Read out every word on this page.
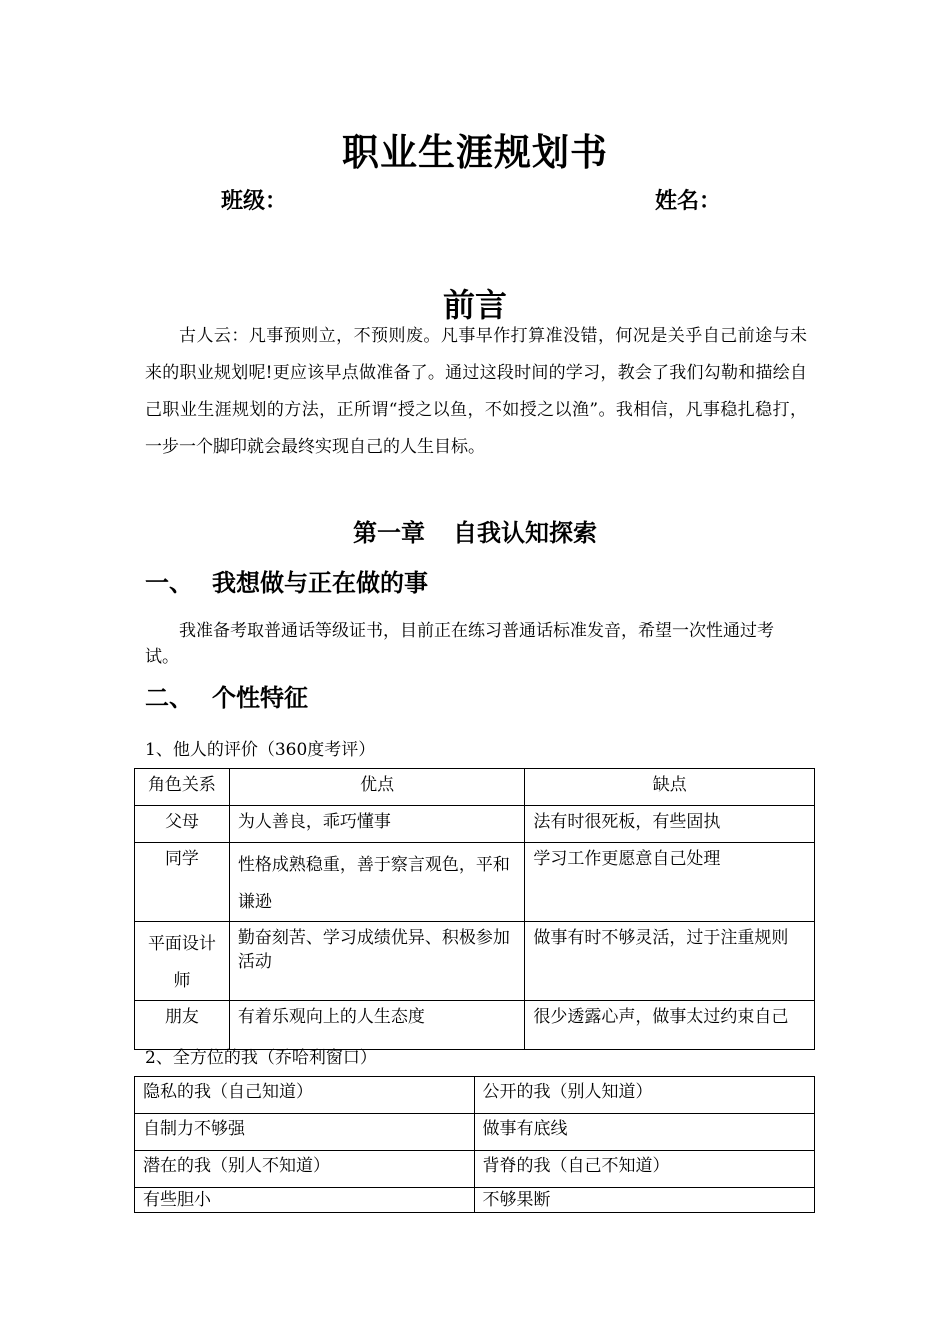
职业生涯规划书
班级：	姓名：
前言

古人云：凡事预则立，不预则废。凡事早作打算准没错，何况是关乎自己前途与未来的职业规划呢!更应该早点做准备了。通过这段时间的学习，教会了我们勾勒和描绘自己职业生涯规划的方法，正所谓“授之以鱼，不如授之以渔”。我相信，凡事稳扎稳打，一步一个脚印就会最终实现自己的人生目标。

第一章 自我认知探索
一、 我想做与正在做的事

我准备考取普通话等级证书，目前正在练习普通话标准发音，希望一次性通过考试。

二、 个性特征
1、他人的评价（360度考评）
角色关系	优点	缺点
父母	为人善良，乖巧懂事	法有时很死板，有些固执
同学	性格成熟稳重，善于察言观色，平和谦逊	学习工作更愿意自己处理
平面设计师	勤奋刻苦、学习成绩优异、积极参加活动	做事有时不够灵活，过于注重规则
朋友	有着乐观向上的人生态度	很少透露心声，做事太过约束自己
2、全方位的我（乔哈利窗口）
隐私的我（自己知道）	公开的我（别人知道）
自制力不够强	做事有底线
潜在的我（别人不知道）	背脊的我（自己不知道）
有些胆小	不够果断
